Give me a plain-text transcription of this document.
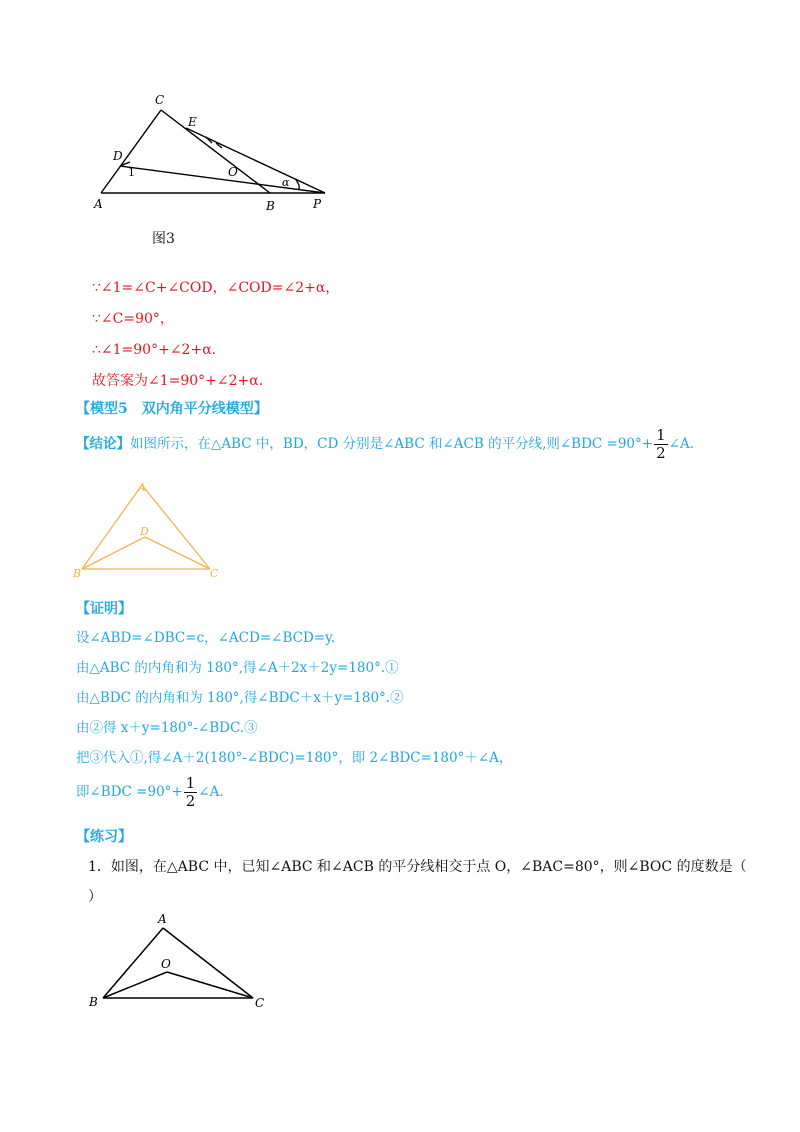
C
E
D
1	O
α
A	B	P
图3
∵∠1=∠C+∠COD，∠COD=∠2+α，
∵∠C=90°，
∴∠1=90°+∠2+α．
故答案为∠1=90°+∠2+α．
【模型5　双内角平分线模型】
【结论】如图所示，在△ABC 中，BD，CD 分别是∠ABC 和∠ACB 的平分线,则∠BDC $=90^\circ+ \frac{1}{2}$ ∠A.
A
D
B	C
【证明】
设∠ABD=∠DBC=c，∠ACD=∠BCD=y.
由△ABC 的内角和为 180°,得∠A＋2x＋2y=180°.①
由△BDC 的内角和为 180°,得∠BDC＋x＋y=180°.②
由②得 x＋y=180°-∠BDC.③
把③代入①,得∠A＋2(180°-∠BDC)=180°，即 2∠BDC=180°＋∠A，
即∠BDC $=90^\circ+ \frac{1}{2}$ ∠A.
【练习】
1．如图，在△ABC 中，已知∠ABC 和∠ACB 的平分线相交于点 O，∠BAC=80°，则∠BOC 的度数是（
）
A
O
B	C
